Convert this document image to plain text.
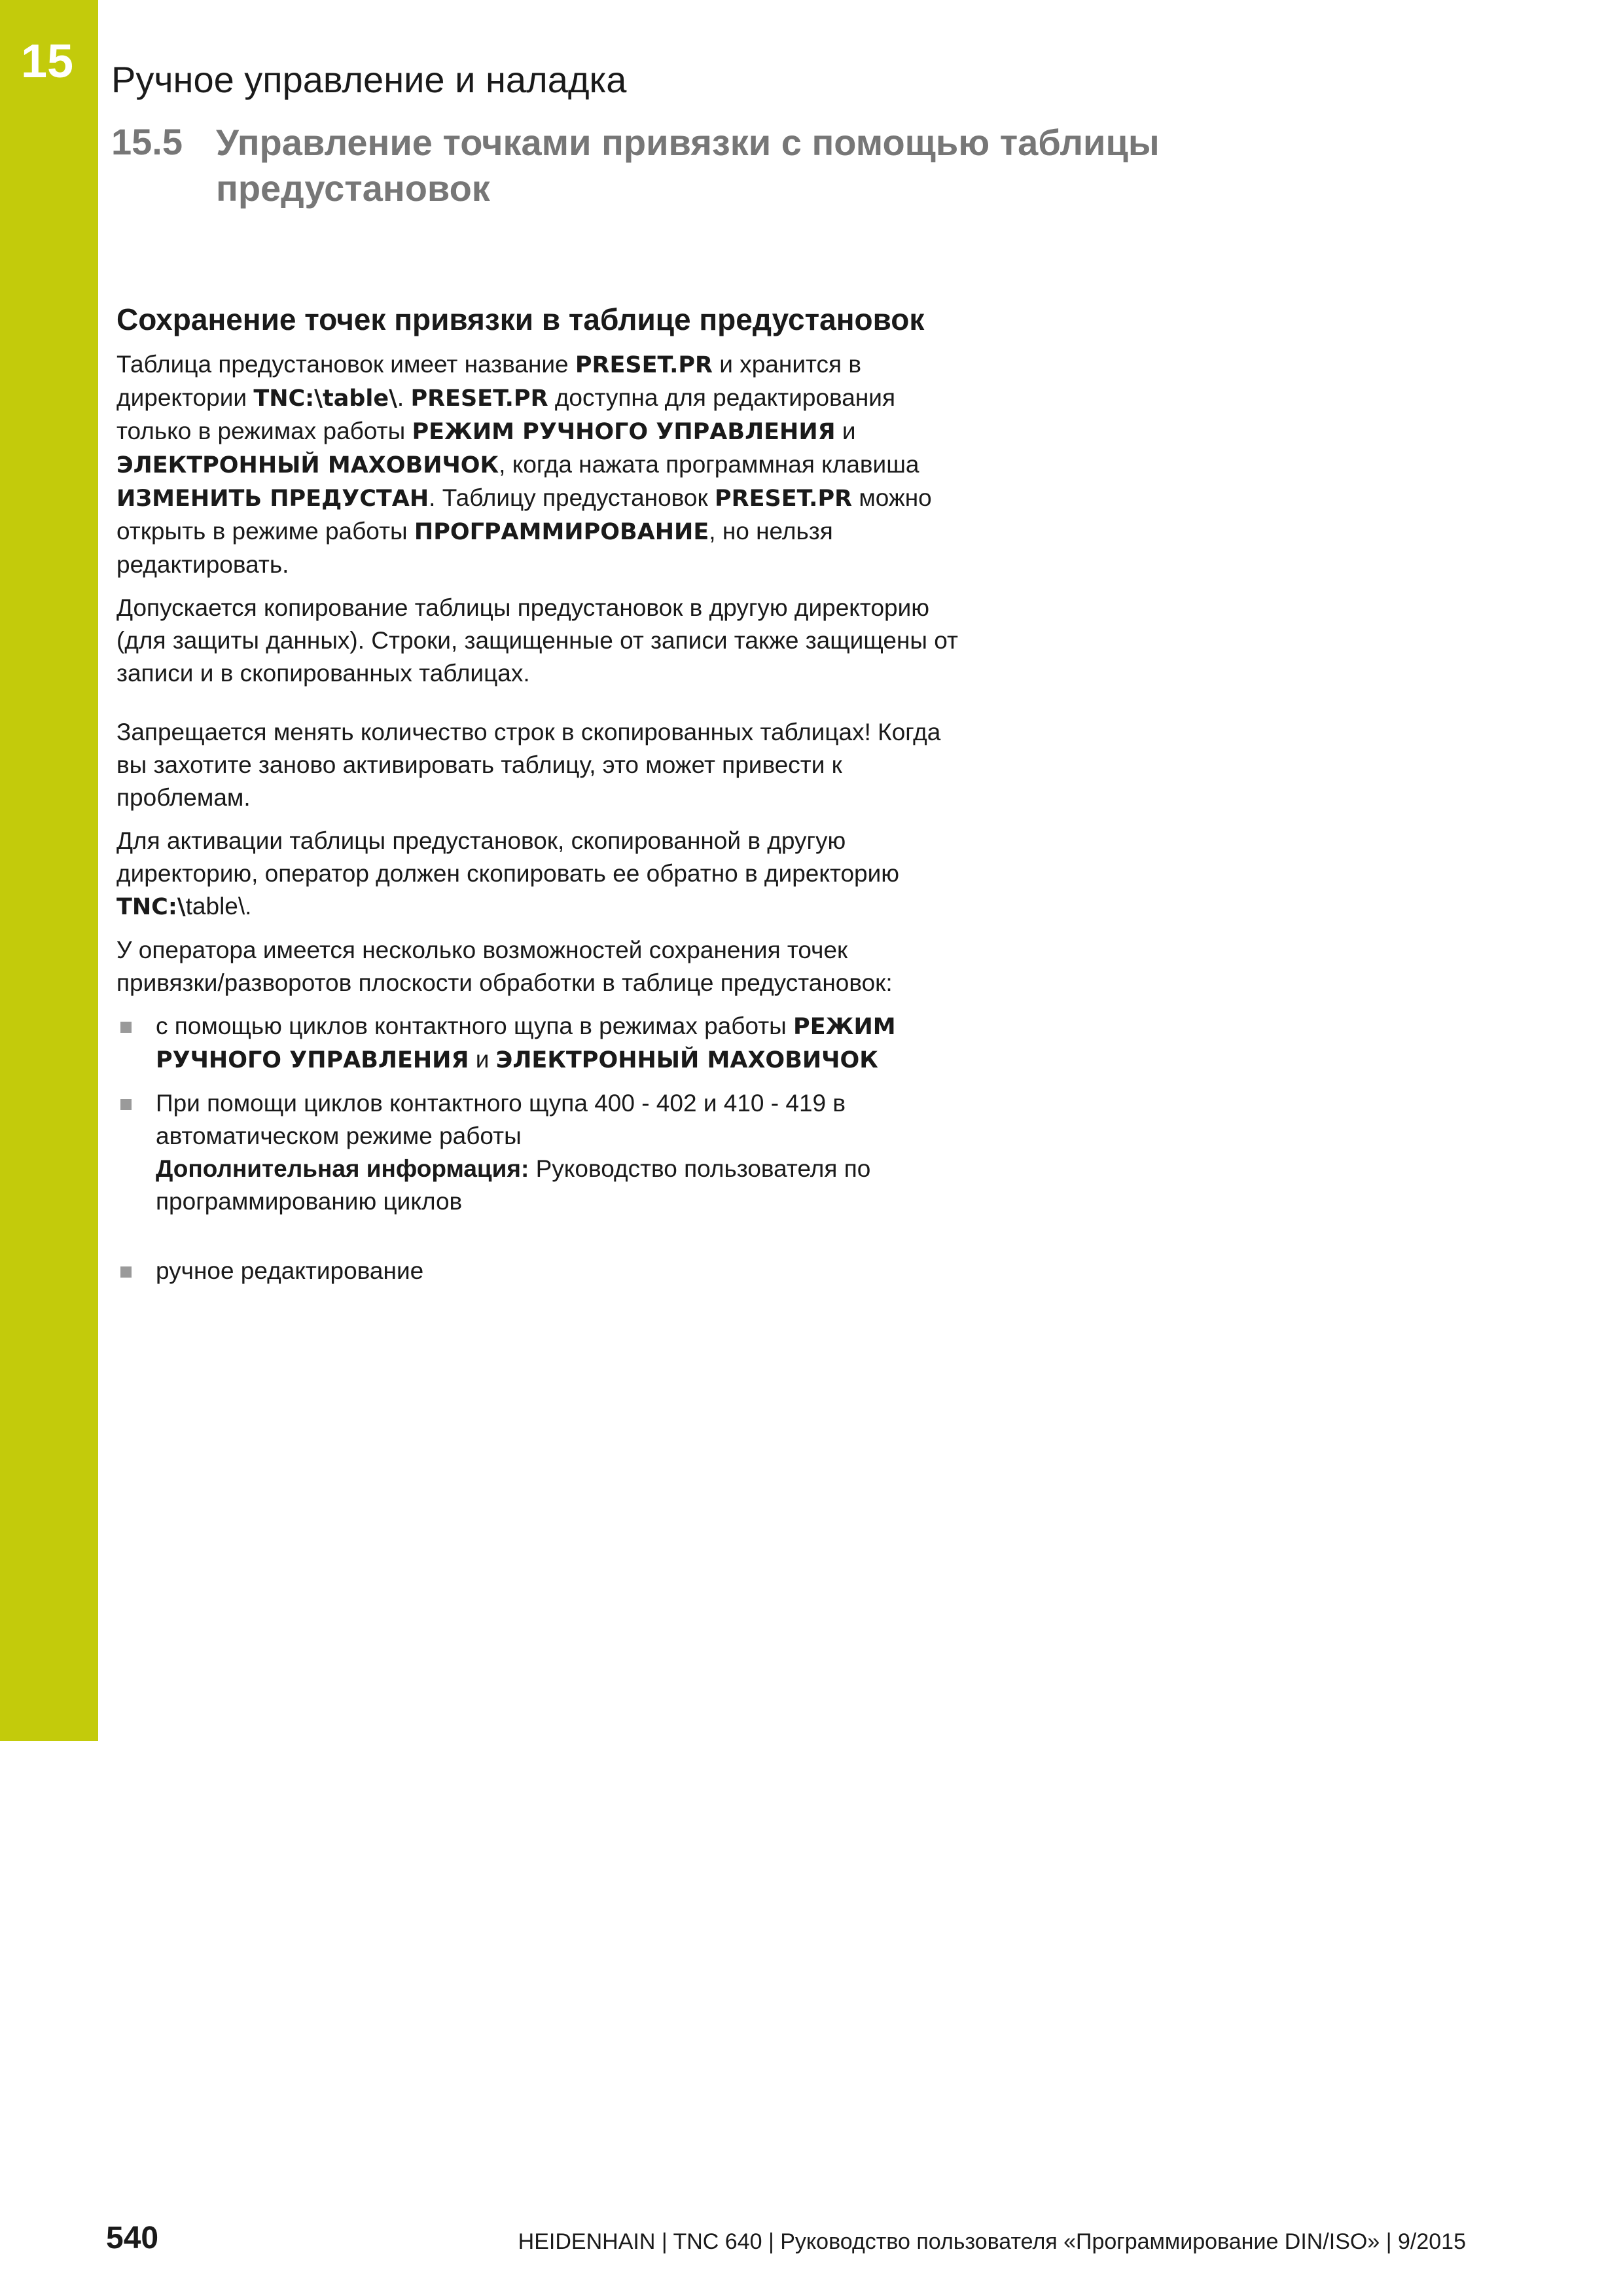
15 Ручное управление и наладка
15.5 Управление точками привязки с помощью таблицы предустановок
Сохранение точек привязки в таблице предустановок

Таблица предустановок имеет название PRESET.PR и хранится в директории TNC:\table\. PRESET.PR доступна для редактирования только в режимах работы РЕЖИМ РУЧНОГО УПРАВЛЕНИЯ и ЭЛЕКТРОННЫЙ МАХОВИЧОК, когда нажата программная клавиша ИЗМЕНИТЬ ПРЕДУСТАН. Таблицу предустановок PRESET.PR можно открыть в режиме работы ПРОГРАММИРОВАНИЕ, но нельзя редактировать.

Допускается копирование таблицы предустановок в другую директорию (для защиты данных). Строки, защищенные от записи также защищены от записи и в скопированных таблицах.

Запрещается менять количество строк в скопированных таблицах! Когда вы захотите заново активировать таблицу, это может привести к проблемам.

Для активации таблицы предустановок, скопированной в другую директорию, оператор должен скопировать ее обратно в директорию TNC:\table\.

У оператора имеется несколько возможностей сохранения точек привязки/разворотов плоскости обработки в таблице предустановок:

с помощью циклов контактного щупа в режимах работы РЕЖИМ РУЧНОГО УПРАВЛЕНИЯ и ЭЛЕКТРОННЫЙ МАХОВИЧОК
При помощи циклов контактного щупа 400 - 402 и 410 - 419 в автоматическом режиме работы
Дополнительная информация: Руководство пользователя по программированию циклов
ручное редактирование
540	HEIDENHAIN | TNC 640 | Руководство пользователя «Программирование DIN/ISO» | 9/2015
